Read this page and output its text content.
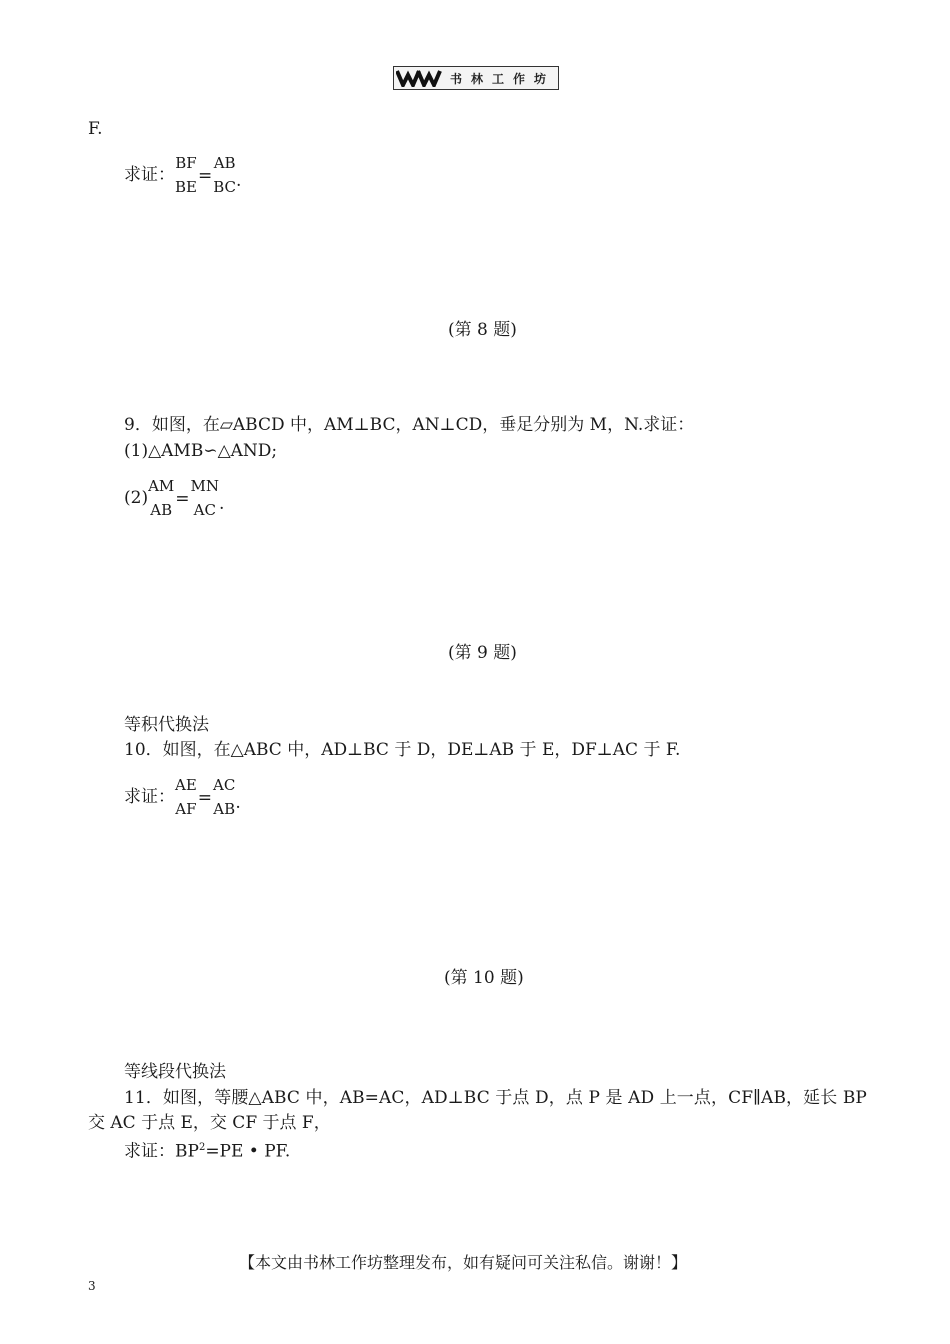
书林工作坊
F.
求证：
BF
BE
=
AB
BC .
(第 8 题)
9．如图，在▱ABCD 中，AM⊥BC，AN⊥CD，垂足分别为 M，N.求证：
(1)△AMB∽△AND;
(2)
AM
AB
=
MN
AC .
(第 9 题)
等积代换法
10．如图，在△ABC 中，AD⊥BC 于 D，DE⊥AB 于 E，DF⊥AC 于 F.
求证：
AE
AF
=
AC
AB .
(第 10 题)
等线段代换法
11．如图，等腰△ABC 中，AB=AC，AD⊥BC 于点 D，点 P 是 AD 上一点，CF∥AB，延长 BP
交 AC 于点 E，交 CF 于点 F，
求证：$BP^2=PE$ • PF.
【本文由书林工作坊整理发布，如有疑问可关注私信。谢谢！】
3
